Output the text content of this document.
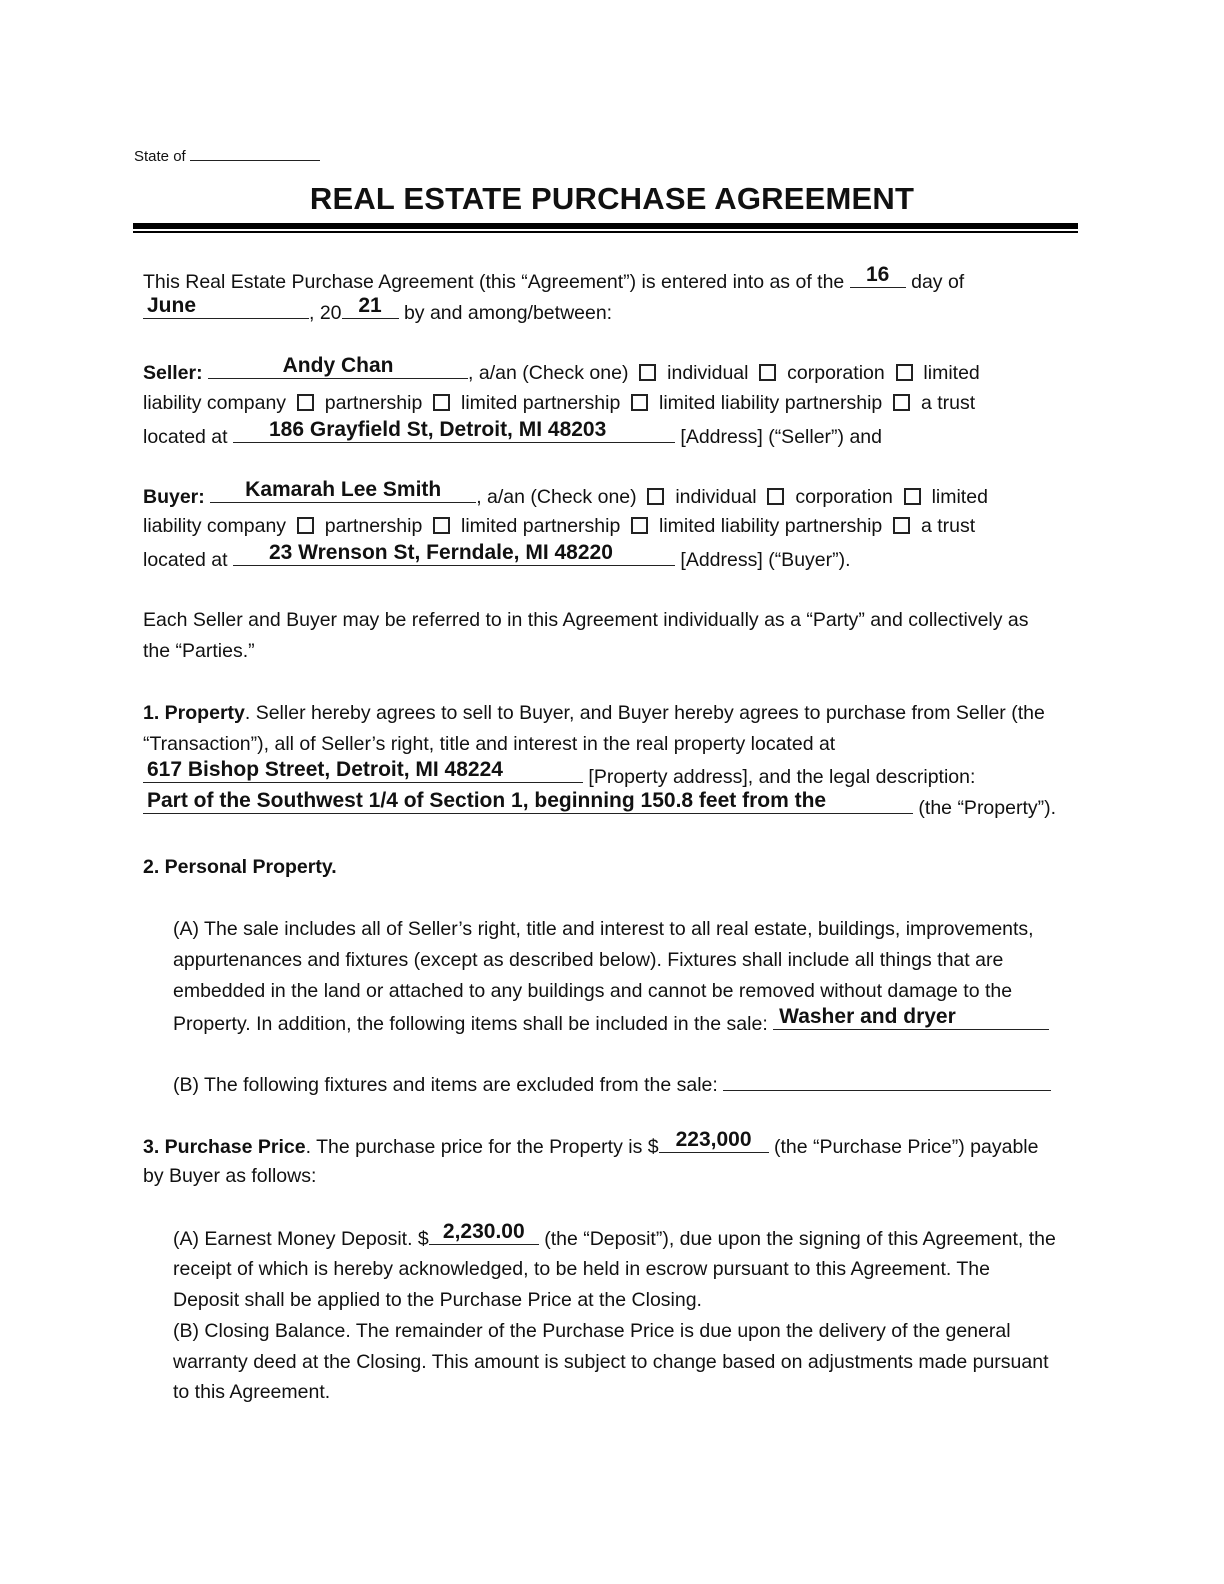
State of
REAL ESTATE PURCHASE AGREEMENT
This Real Estate Purchase Agreement (this “Agreement”) is entered into as of the	16	day of
June	, 20 21	by and among/between:
Seller:	Andy Chan	, a/an (Check one) individual corporation limited
liability company partnership limited partnership limited liability partnership a trust
located at 186 Grayfield St, Detroit, MI 48203	[Address] (“Seller”) and
Buyer:	Kamarah Lee Smith	, a/an (Check one) individual corporation limited
liability company partnership limited partnership limited liability partnership a trust
located at 23 Wrenson St, Ferndale, MI 48220	[Address] (“Buyer”).
Each Seller and Buyer may be referred to in this Agreement individually as a “Party” and collectively as
the “Parties.”
1. Property. Seller hereby agrees to sell to Buyer, and Buyer hereby agrees to purchase from Seller (the
“Transaction”), all of Seller’s right, title and interest in the real property located at
617 Bishop Street, Detroit, MI 48224	[Property address], and the legal description:
Part of the Southwest 1/4 of Section 1, beginning 150.8 feet from the	(the “Property”).
2. Personal Property.
(A) The sale includes all of Seller’s right, title and interest to all real estate, buildings, improvements,
appurtenances and fixtures (except as described below). Fixtures shall include all things that are
embedded in the land or attached to any buildings and cannot be removed without damage to the
Property. In addition, the following items shall be included in the sale: Washer and dryer
(B) The following fixtures and items are excluded from the sale:
3. Purchase Price. The purchase price for the Property is $ 223,000	(the “Purchase Price”) payable
by Buyer as follows:
(A) Earnest Money Deposit. $ 2,230.00	(the “Deposit”), due upon the signing of this Agreement, the
receipt of which is hereby acknowledged, to be held in escrow pursuant to this Agreement. The
Deposit shall be applied to the Purchase Price at the Closing.
(B) Closing Balance. The remainder of the Purchase Price is due upon the delivery of the general
warranty deed at the Closing. This amount is subject to change based on adjustments made pursuant
to this Agreement.
